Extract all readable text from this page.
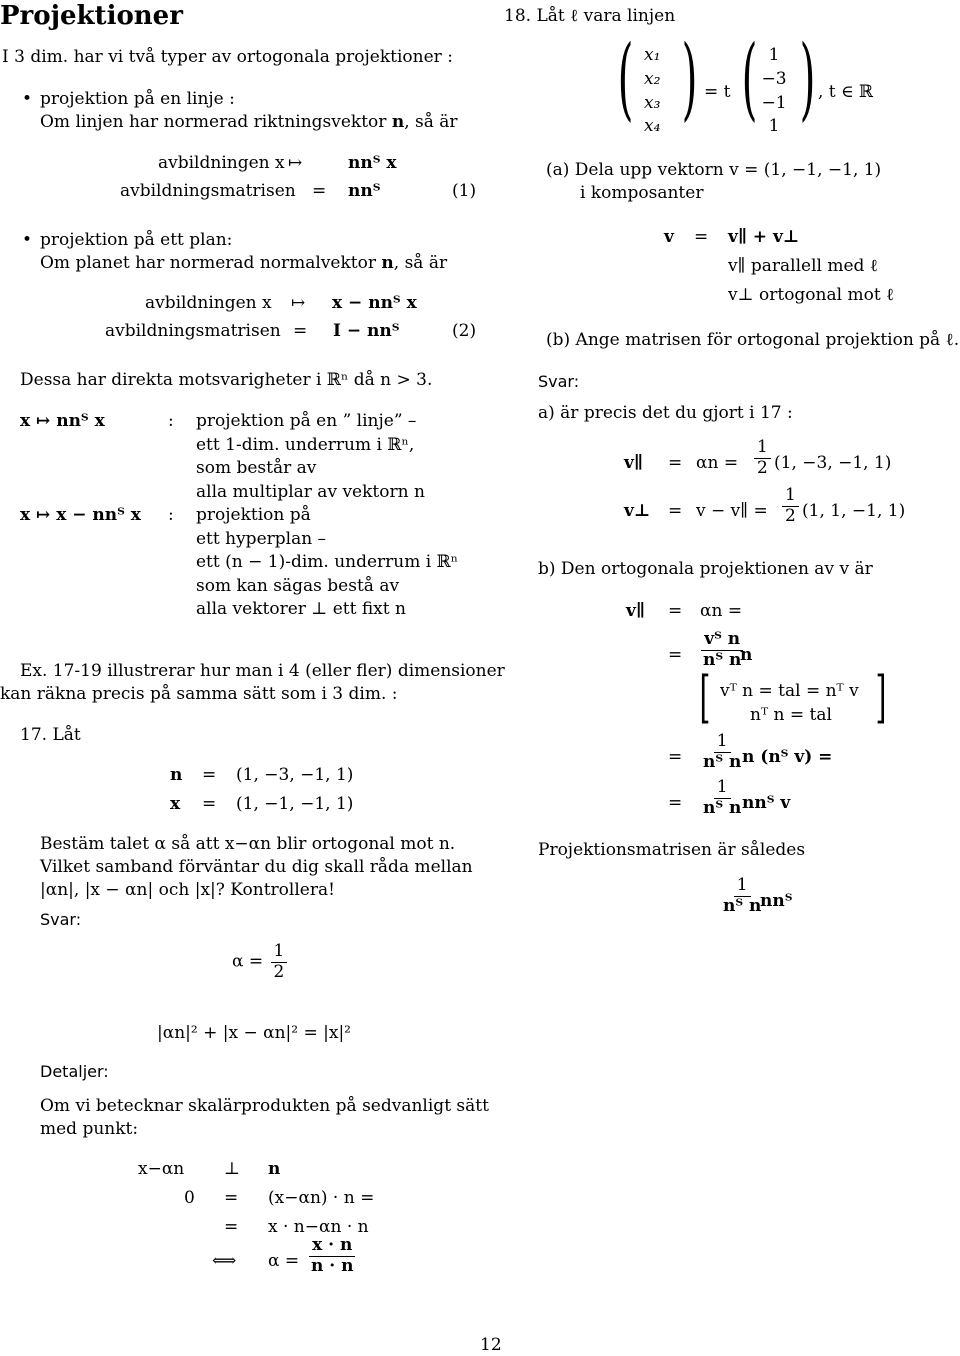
Projektioner
I 3 dim. har vi två typer av ortogonala projektioner :
• projektion på en linje :
Om linjen har normerad riktningsvektor n, så är
avbildningen x ↦	nnᵀ x
avbildningsmatrisen = nnᵀ	(1)
• projektion på ett plan:
Om planet har normerad normalvektor n, så är
avbildningen x ↦ x − nnᵀ x
avbildningsmatrisen = I − nnᵀ	(2)
Dessa har direkta motsvarigheter i ℝⁿ då n > 3.
x ↦ nnᵀ x	: projektion på en ” linje” –
ett 1-dim. underrum i ℝⁿ,
som består av
alla multiplar av vektorn n
x ↦ x − nnᵀ x : projektion på
ett hyperplan –
ett (n − 1)-dim. underrum i ℝⁿ
som kan sägas bestå av
alla vektorer ⊥ ett fixt n
Ex. 17-19 illustrerar hur man i 4 (eller fler) dimensioner
kan räkna precis på samma sätt som i 3 dim. :
17. Låt
n = (1, −3, −1, 1)
x = (1, −1, −1, 1)
Bestäm talet α så att x−αn blir ortogonal mot n.
Vilket samband förväntar du dig skall råda mellan
|αn|, |x − αn| och |x|? Kontrollera!
Svar:
$\alpha = \frac{1}{2}$
|αn|² + |x − αn|² = |x|²
Detaljer:
Om vi betecknar skalärprodukten på sedvanligt sätt
med punkt:
x−αn ⊥ n
0 = (x−αn) · n =
= x · n−αn · n
⟺ $\alpha = \frac{x \cdot n}{n \cdot n}$
18. Låt ℓ vara linjen
( x₁
x₂
x₃
x₄ ) = t ( 1
−3
−1
1 ) , t ∈ ℝ
(a) Dela upp vektorn v = (1, −1, −1, 1)
i komposanter
v = v∥ + v⊥
v∥ parallell med ℓ
v⊥ ortogonal mot ℓ
(b) Ange matrisen för ortogonal projektion på ℓ.
Svar:
a) är precis det du gjort i 17 :
v∥ = $\alpha n = \frac{1}{2} (1$, −3, −1, 1)
v⊥ = v − v∥ = $\frac{1}{2} (1$, 1, −1, 1)
b) Den ortogonala projektionen av v är
v∥ = αn =
= $\frac{\text{vᵀ n}}{\text{nᵀ n}}$
n
[ vᵀ n = tal = nᵀ v
nᵀ n = tal ]
= $\frac{1}{\text{nᵀ n}}$
n (nᵀ v) =
= $\frac{1}{\text{nᵀ n}}$
nnᵀ v
Projektionsmatrisen är således
$\frac{1}{\text{nᵀ n}}$
nnᵀ
12
